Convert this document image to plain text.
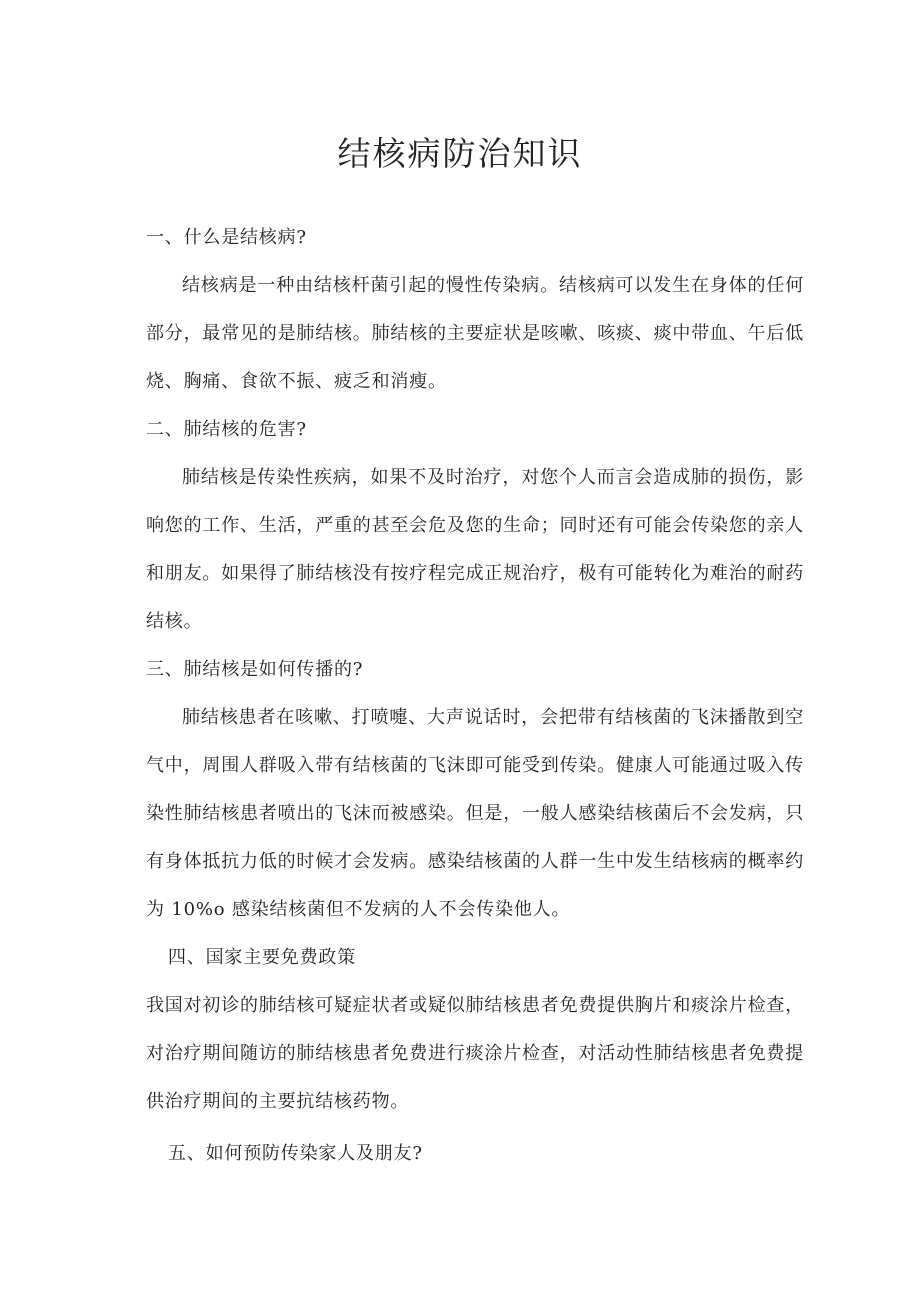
结核病防治知识
一、什么是结核病?

结核病是一种由结核杆菌引起的慢性传染病。结核病可以发生在身体的任何部分，最常见的是肺结核。肺结核的主要症状是咳嗽、咳痰、痰中带血、午后低烧、胸痛、食欲不振、疲乏和消瘦。

二、肺结核的危害?

肺结核是传染性疾病，如果不及时治疗，对您个人而言会造成肺的损伤，影响您的工作、生活，严重的甚至会危及您的生命；同时还有可能会传染您的亲人和朋友。如果得了肺结核没有按疗程完成正规治疗，极有可能转化为难治的耐药结核。

三、肺结核是如何传播的?

肺结核患者在咳嗽、打喷嚏、大声说话时，会把带有结核菌的飞沫播散到空气中，周围人群吸入带有结核菌的飞沫即可能受到传染。健康人可能通过吸入传染性肺结核患者喷出的飞沫而被感染。但是，一般人感染结核菌后不会发病，只有身体抵抗力低的时候才会发病。感染结核菌的人群一生中发生结核病的概率约为 10%o 感染结核菌但不发病的人不会传染他人。

四、国家主要免费政策

我国对初诊的肺结核可疑症状者或疑似肺结核患者免费提供胸片和痰涂片检查，对治疗期间随访的肺结核患者免费进行痰涂片检查，对活动性肺结核患者免费提供治疗期间的主要抗结核药物。

五、如何预防传染家人及朋友?
